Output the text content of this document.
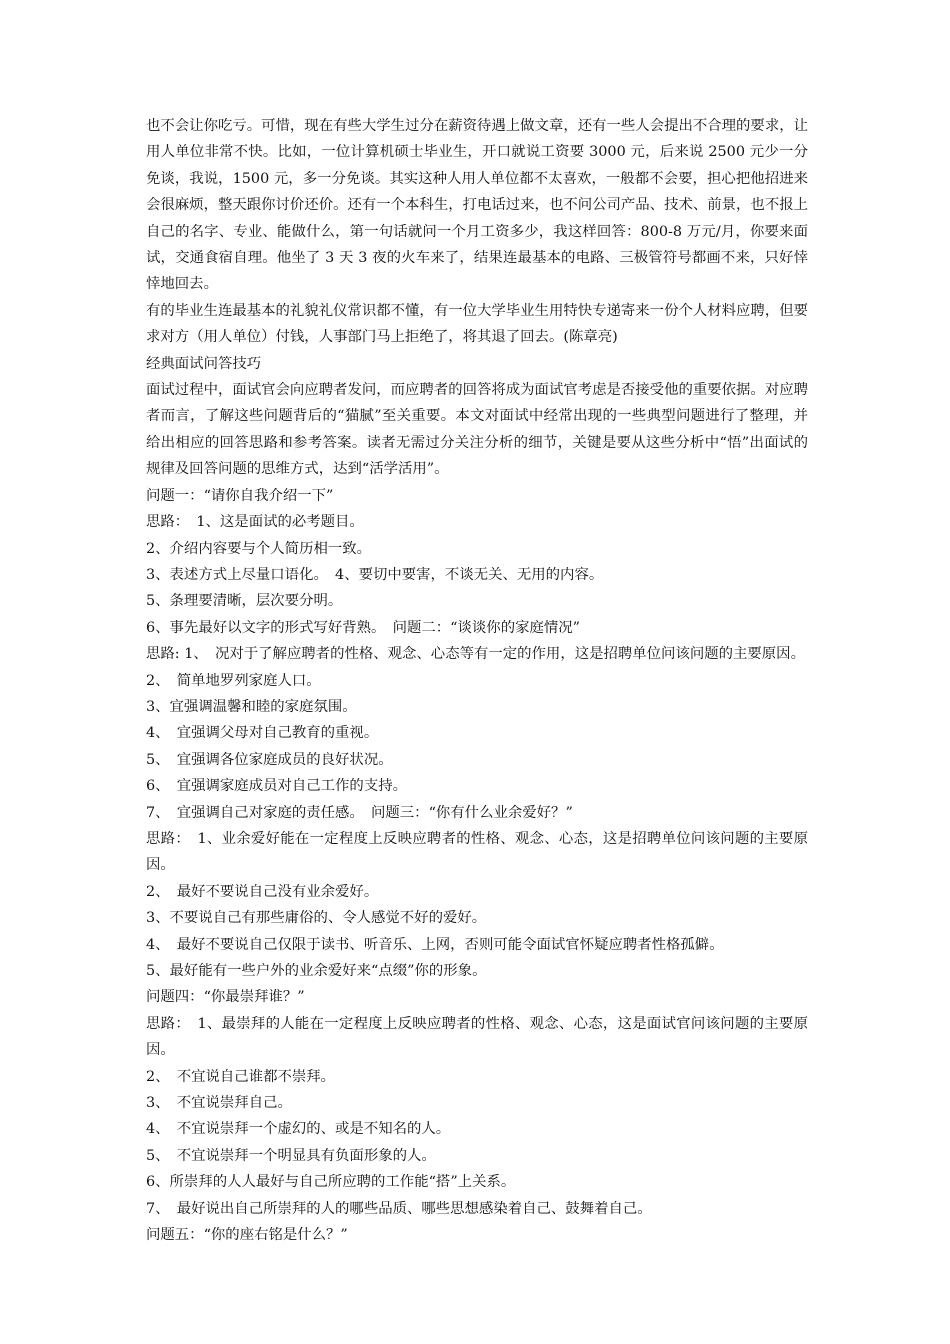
也不会让你吃亏。可惜，现在有些大学生过分在薪资待遇上做文章，还有一些人会提出不合理的要求，让用人单位非常不快。比如，一位计算机硕士毕业生，开口就说工资要 3000 元，后来说 2500 元少一分免谈，我说，1500 元，多一分免谈。其实这种人用人单位都不太喜欢，一般都不会要，担心把他招进来会很麻烦，整天跟你讨价还价。还有一个本科生，打电话过来，也不问公司产品、技术、前景，也不报上自己的名字、专业、能做什么，第一句话就问一个月工资多少，我这样回答：800-8 万元/月，你要来面试，交通食宿自理。他坐了 3 天 3 夜的火车来了，结果连最基本的电路、三极管符号都画不来，只好悻悻地回去。

有的毕业生连最基本的礼貌礼仪常识都不懂，有一位大学毕业生用特快专递寄来一份个人材料应聘，但要求对方（用人单位）付钱，人事部门马上拒绝了，将其退了回去。(陈章亮)

经典面试问答技巧

面试过程中，面试官会向应聘者发问，而应聘者的回答将成为面试官考虑是否接受他的重要依据。对应聘者而言，了解这些问题背后的“猫腻”至关重要。本文对面试中经常出现的一些典型问题进行了整理，并给出相应的回答思路和参考答案。读者无需过分关注分析的细节，关键是要从这些分析中“悟”出面试的规律及回答问题的思维方式，达到“活学活用”。

问题一：“请你自我介绍一下”

思路：　1、这是面试的必考题目。

2、介绍内容要与个人简历相一致。

3、表述方式上尽量口语化。　4、要切中要害，不谈无关、无用的内容。

5、条理要清晰，层次要分明。

6、事先最好以文字的形式写好背熟。　问题二：“谈谈你的家庭情况”

思路: 1、　况对于了解应聘者的性格、观念、心态等有一定的作用，这是招聘单位问该问题的主要原因。

2、　简单地罗列家庭人口。

3、宜强调温馨和睦的家庭氛围。

4、　宜强调父母对自己教育的重视。

5、　宜强调各位家庭成员的良好状况。

6、　宜强调家庭成员对自己工作的支持。

7、　宜强调自己对家庭的责任感。　问题三：“你有什么业余爱好？”

思路：　1、业余爱好能在一定程度上反映应聘者的性格、观念、心态，这是招聘单位问该问题的主要原因。

2、　最好不要说自己没有业余爱好。

3、不要说自己有那些庸俗的、令人感觉不好的爱好。

4、　最好不要说自己仅限于读书、听音乐、上网，否则可能令面试官怀疑应聘者性格孤僻。

5、最好能有一些户外的业余爱好来“点缀”你的形象。

问题四：“你最崇拜谁？”

思路：　1、最崇拜的人能在一定程度上反映应聘者的性格、观念、心态，这是面试官问该问题的主要原因。

2、　不宜说自己谁都不崇拜。

3、　不宜说崇拜自己。

4、　不宜说崇拜一个虚幻的、或是不知名的人。

5、　不宜说崇拜一个明显具有负面形象的人。

6、所崇拜的人人最好与自己所应聘的工作能“搭”上关系。

7、　最好说出自己所崇拜的人的哪些品质、哪些思想感染着自己、鼓舞着自己。

问题五：“你的座右铭是什么？”
